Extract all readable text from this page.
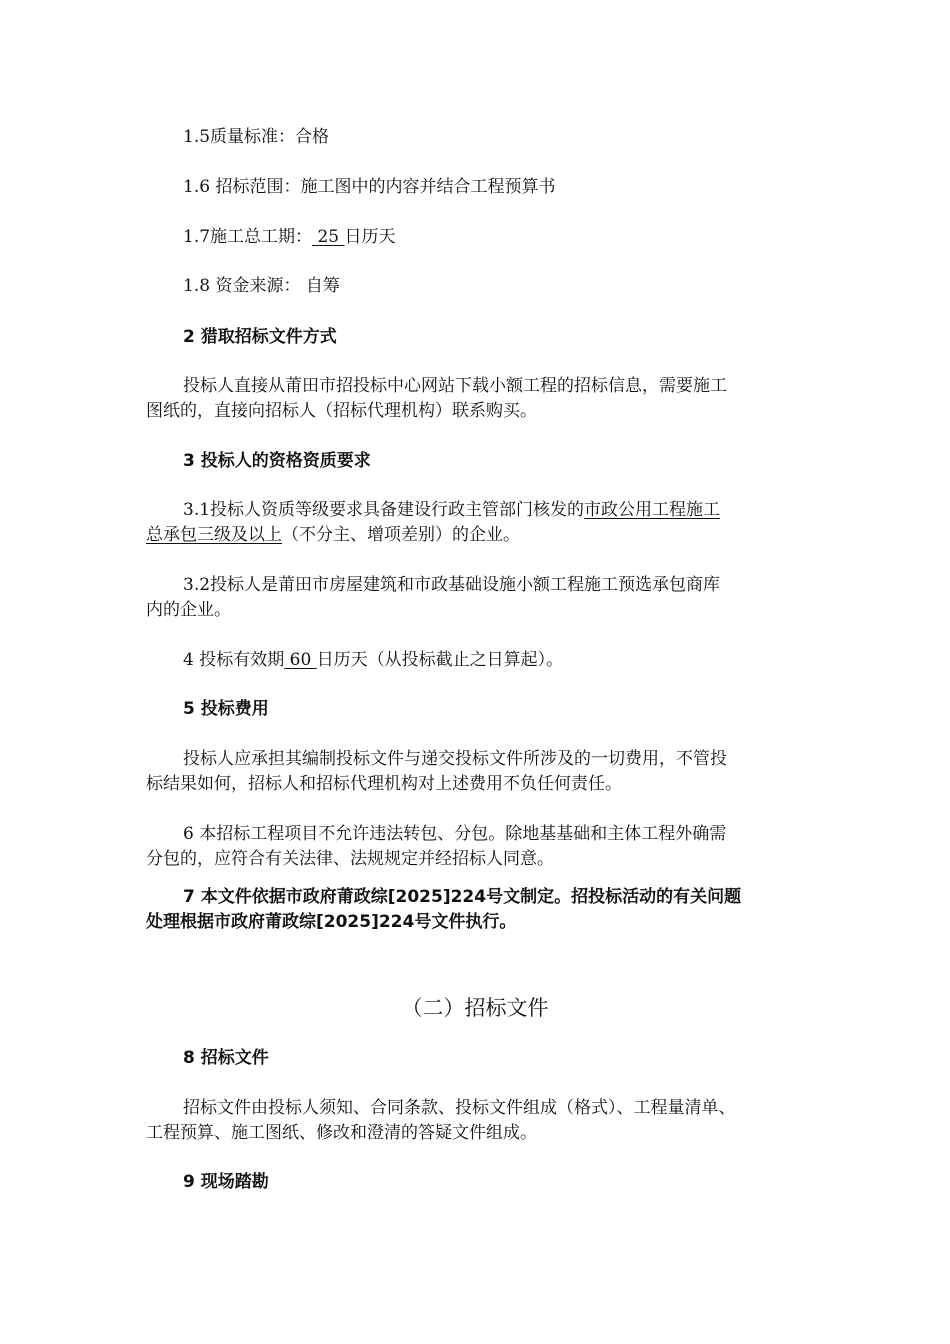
1.5质量标准：合格
1.6 招标范围：施工图中的内容并结合工程预算书
1.7施工总工期： 25 日历天
1.8 资金来源： 自筹
2 猎取招标文件方式
投标人直接从莆田市招投标中心网站下载小额工程的招标信息，需要施工
图纸的，直接向招标人（招标代理机构）联系购买。
3 投标人的资格资质要求
3.1投标人资质等级要求具备建设行政主管部门核发的市政公用工程施工
总承包三级及以上（不分主、增项差别）的企业。
3.2投标人是莆田市房屋建筑和市政基础设施小额工程施工预选承包商库
内的企业。
4 投标有效期 60 日历天（从投标截止之日算起）。
5 投标费用
投标人应承担其编制投标文件与递交投标文件所涉及的一切费用，不管投
标结果如何，招标人和招标代理机构对上述费用不负任何责任。
6 本招标工程项目不允许违法转包、分包。除地基基础和主体工程外确需
分包的，应符合有关法律、法规规定并经招标人同意。
7 本文件依据市政府莆政综[2025]224号文制定。招投标活动的有关问题
处理根据市政府莆政综[2025]224号文件执行。
（二）招标文件
8 招标文件
招标文件由投标人须知、合同条款、投标文件组成（格式）、工程量清单、
工程预算、施工图纸、修改和澄清的答疑文件组成。
9 现场踏勘
